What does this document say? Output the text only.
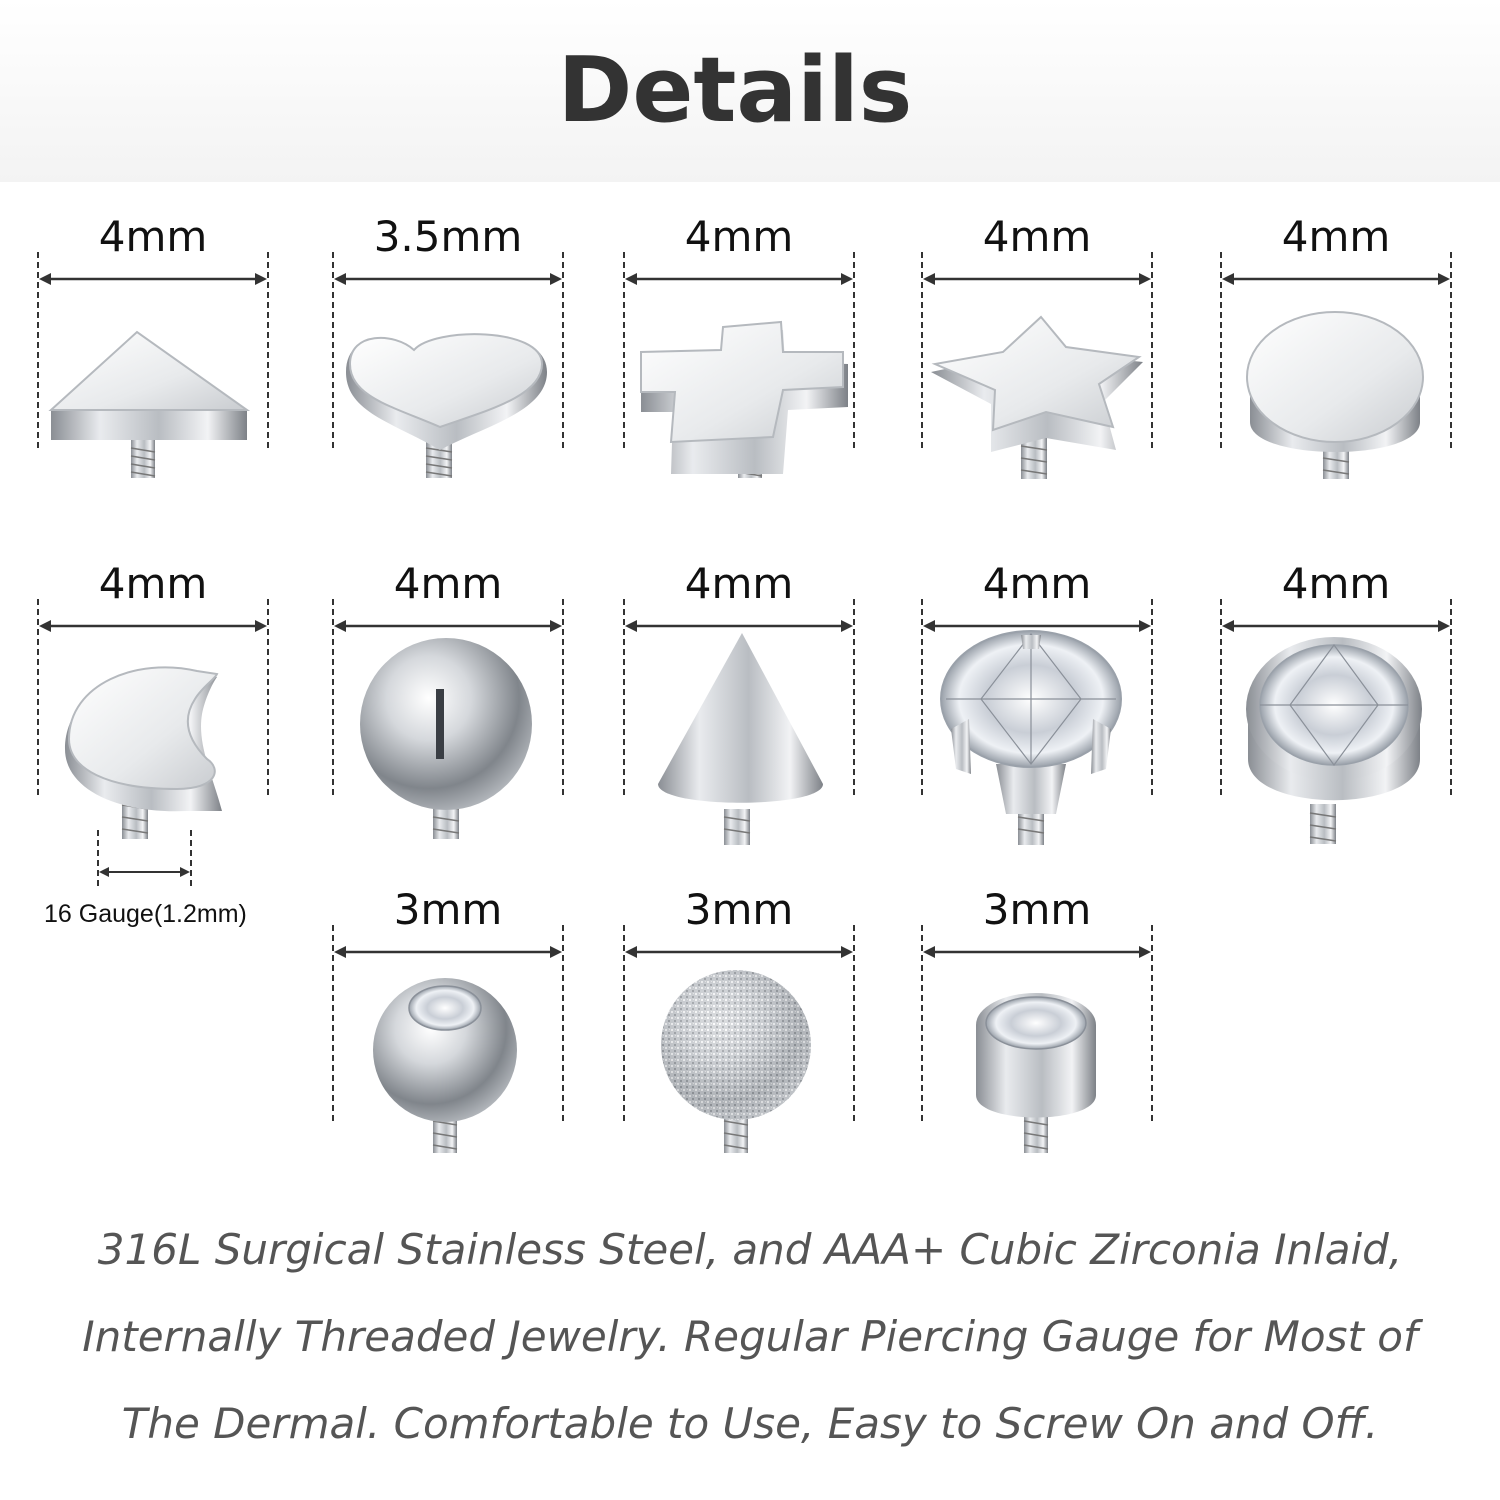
Details
4mm	3.5mm	4mm	4mm	4mm
4mm	4mm	4mm	4mm	4mm
16 Gauge(1.2mm)	3mm	3mm	3mm
316L Surgical Stainless Steel, and AAA+ Cubic Zirconia Inlaid,
Internally Threaded Jewelry. Regular Piercing Gauge for Most of
The Dermal. Comfortable to Use, Easy to Screw On and Off.
